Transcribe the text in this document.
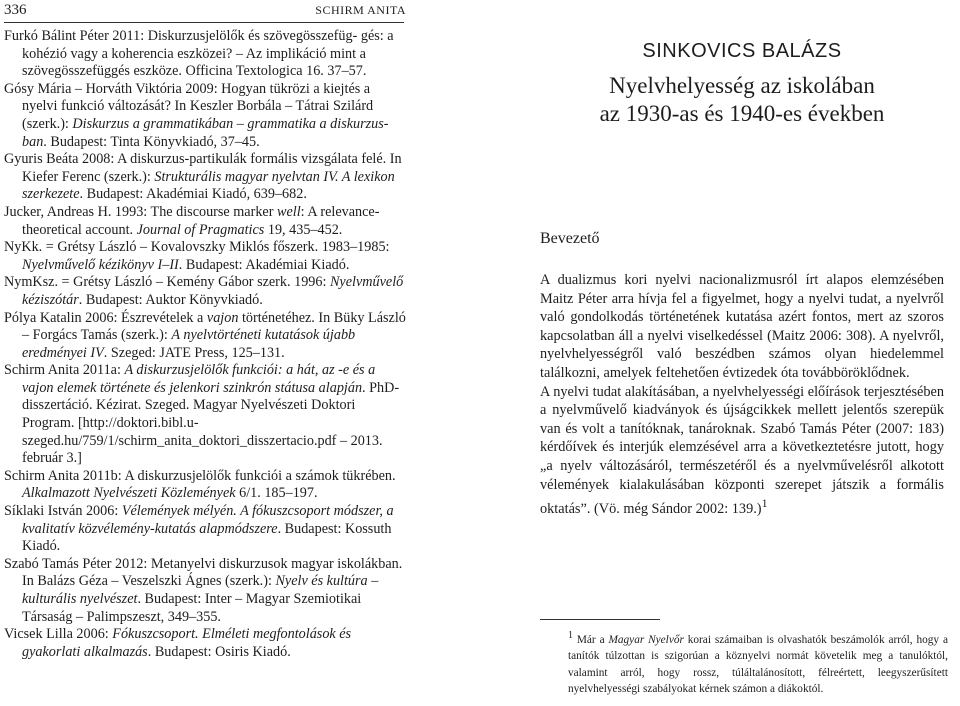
336	SCHIRM ANITA

Furkó Bálint Péter 2011: Diskurzusjelölők és szövegösszefüg- gés: a kohézió vagy a koherencia eszközei? – Az implikáció mint a szövegösszefüggés eszköze. Officina Textologica 16. 37–57.

Gósy Mária – Horváth Viktória 2009: Hogyan tükrözi a kiejtés a nyelvi funkció változását? In Keszler Borbála – Tátrai Szilárd (szerk.): Diskurzus a grammatikában – grammatika a diskurzus-ban. Budapest: Tinta Könyvkiadó, 37–45.

Gyuris Beáta 2008: A diskurzus-partikulák formális vizsgálata felé. In Kiefer Ferenc (szerk.): Strukturális magyar nyelvtan IV. A lexikon szerkezete. Budapest: Akadémiai Kiadó, 639–682.

Jucker, Andreas H. 1993: The discourse marker well: A relevance-theoretical account. Journal of Pragmatics 19, 435–452.

NyKk. = Grétsy László – Kovalovszky Miklós főszerk. 1983–1985: Nyelvművelő kézikönyv I–II. Budapest: Akadémiai Kiadó.

NymKsz. = Grétsy László – Kemény Gábor szerk. 1996: Nyelvművelő kéziszótár. Budapest: Auktor Könyvkiadó.

Pólya Katalin 2006: Észrevételek a vajon történetéhez. In Büky László – Forgács Tamás (szerk.): A nyelvtörténeti kutatások újabb eredményei IV. Szeged: JATE Press, 125–131.

Schirm Anita 2011a: A diskurzusjelölők funkciói: a hát, az -e és a vajon elemek története és jelenkori szinkrón státusa alapján. PhD-disszertáció. Kézirat. Szeged. Magyar Nyelvészeti Doktori Program. [http://doktori.bibl.u-szeged.hu/759/1/schirm_anita_doktori_disszertacio.pdf – 2013. február 3.]

Schirm Anita 2011b: A diskurzusjelölők funkciói a számok tükrében. Alkalmazott Nyelvészeti Közlemények 6/1. 185–197.

Síklaki István 2006: Vélemények mélyén. A fókuszcsoport módszer, a kvalitatív közvélemény-kutatás alapmódszere. Budapest: Kossuth Kiadó.

Szabó Tamás Péter 2012: Metanyelvi diskurzusok magyar iskolákban. In Balázs Géza – Veszelszki Ágnes (szerk.): Nyelv és kultúra – kulturális nyelvészet. Budapest: Inter – Magyar Szemiotikai Társaság – Palimpszeszt, 349–355.

Vicsek Lilla 2006: Fókuszcsoport. Elméleti megfontolások és gyakorlati alkalmazás. Budapest: Osiris Kiadó.

SINKOVICS BALÁZS
Nyelvhelyesség az iskolában
az 1930-as és 1940-es években
Bevezető

A dualizmus kori nyelvi nacionalizmusról írt alapos elemzésében Maitz Péter arra hívja fel a figyelmet, hogy a nyelvi tudat, a nyelvről való gondolkodás történetének kutatása azért fontos, mert az szoros kapcsolatban áll a nyelvi viselkedéssel (Maitz 2006: 308). A nyelvről, nyelvhelyességről való beszédben számos olyan hiedelemmel találkozni, amelyek feltehetően évtizedek óta továbböröklődnek.

A nyelvi tudat alakításában, a nyelvhelyességi előírások terjesztésében a nyelvművelő kiadványok és újságcikkek mellett jelentős szerepük van és volt a tanítóknak, tanároknak. Szabó Tamás Péter (2007: 183) kérdőívek és interjúk elemzésével arra a következtetésre jutott, hogy „a nyelv változásáról, természetéről és a nyelvművelésről alkotott vélemények kialakulásában központi szerepet játszik a formális oktatás”. (Vö. még Sándor 2002: 139.)$^1$

$^1$ Már a Magyar Nyelvőr korai számaiban is olvashatók beszámolók arról, hogy a tanítók túlzottan is szigorúan a köznyelvi normát követelik meg a tanulóktól, valamint arról, hogy rossz, túláltalánosított, félreértett, leegyszerűsített nyelvhelyességi szabályokat kérnek számon a diákoktól.
